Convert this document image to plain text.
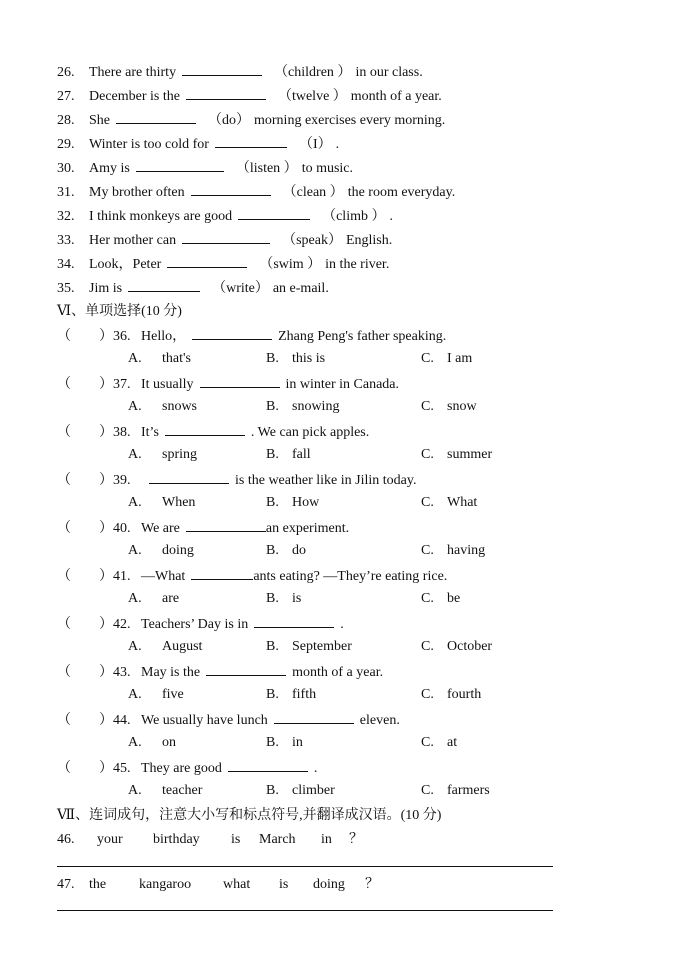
26. There are thirty	（children ） in our class.
27. December is the	（twelve ） month of a year.
28. She	（do） morning exercises every morning.
29. Winter is too cold for	（I） .
30. Amy is	（listen ） to music.
31. My brother often	（clean ） the room everyday.
32. I think monkeys are good	（climb ） .
33. Her mother can	（speak） English.
34. Look，Peter	（swim ） in the river.
35. Jim is	（write） an e-mail.
Ⅵ、单项选择(10 分)
（ ）36. Hello，	Zhang Peng's father speaking.
A. that's	B. this is	C. I am
（ ）37. It usually	in winter in Canada.
A. snows	B. snowing	C. snow
（ ）38. It’s	. We can pick apples.
A. spring	B. fall	C. summer
（ ）39.	is the weather like in Jilin today.
A. When	B. How	C. What
（ ）40. We are	an experiment.
A. doing	B. do	C. having
（ ）41. —What	ants eating? —They’re eating rice.
A. are	B. is	C. be
（ ）42. Teachers’ Day is in	.
A. August	B. September	C. October
（ ）43. May is the	month of a year.
A. five	B. fifth	C. fourth
（ ）44. We usually have lunch	eleven.
A. on	B. in	C. at
（ ）45. They are good	.
A. teacher	B. climber	C. farmers
Ⅶ、连词成句，注意大小写和标点符号,并翻译成汉语。(10 分)
46. your birthday is March in ？
47. the kangaroo what is doing ？
